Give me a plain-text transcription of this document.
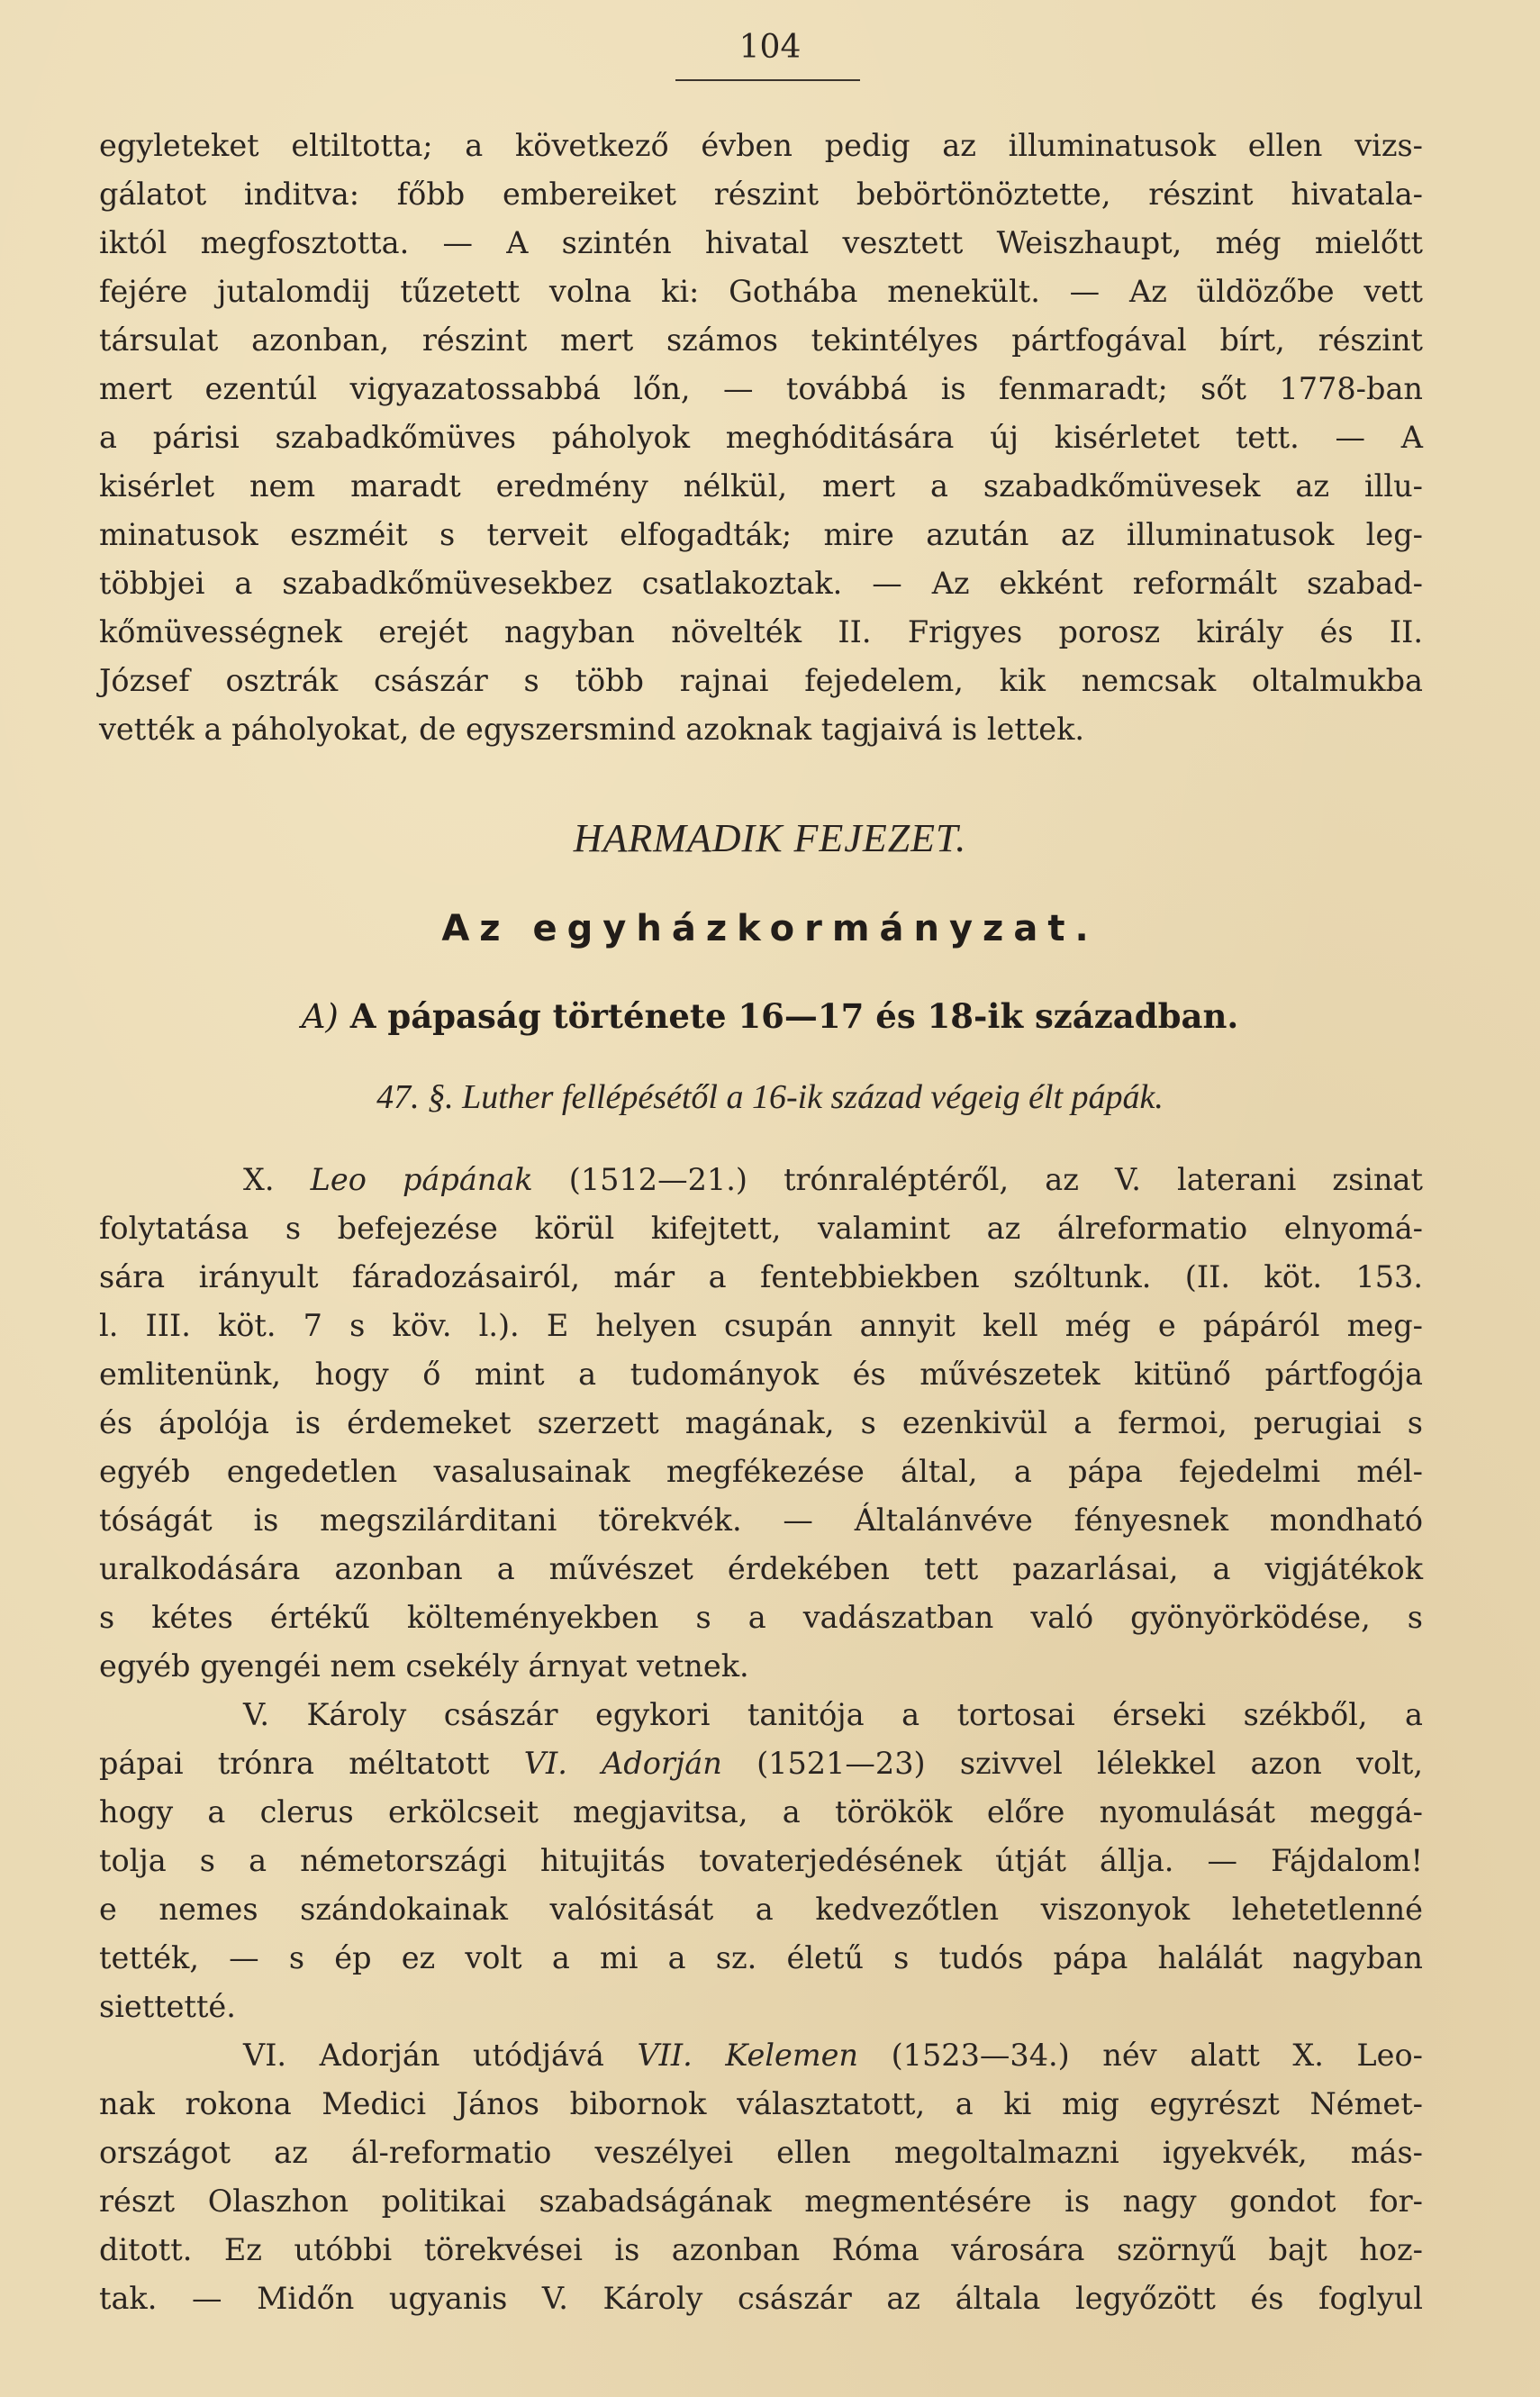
104
egyleteket eltiltotta; a következő évben pedig az illuminatusok ellen vizs-
gálatot inditva: főbb embereiket részint bebörtönöztette, részint hivatala-
iktól megfosztotta. — A szintén hivatal vesztett Weiszhaupt, még mielőtt
fejére jutalomdij tűzetett volna ki: Gothába menekült. — Az üldözőbe vett
társulat azonban, részint mert számos tekintélyes pártfogával bírt, részint
mert ezentúl vigyazatossabbá lőn, — továbbá is fenmaradt; sőt 1778-ban
a párisi szabadkőmüves páholyok meghóditására új kisérletet tett. — A
kisérlet nem maradt eredmény nélkül, mert a szabadkőmüvesek az illu-
minatusok eszméit s terveit elfogadták; mire azután az illuminatusok leg-
többjei a szabadkőmüvesekbez csatlakoztak. — Az ekként reformált szabad-
kőmüvességnek erejét nagyban növelték II. Frigyes porosz király és II.
József osztrák császár s több rajnai fejedelem, kik nemcsak oltalmukba
vették a páholyokat, de egyszersmind azoknak tagjaivá is lettek.
HARMADIK FEJEZET.
Az egyházkormányzat.
A) A pápaság története 16—17 és 18-ik században.
47. §. Luther fellépésétől a 16-ik század végeig élt pápák.
X. Leo pápának (1512—21.) trónraléptéről, az V. laterani zsinat
folytatása s befejezése körül kifejtett, valamint az álreformatio elnyomá-
sára irányult fáradozásairól, már a fentebbiekben szóltunk. (II. köt. 153.
l. III. köt. 7 s köv. l.). E helyen csupán annyit kell még e pápáról meg-
emlitenünk, hogy ő mint a tudományok és művészetek kitünő pártfogója
és ápolója is érdemeket szerzett magának, s ezenkivül a fermoi, perugiai s
egyéb engedetlen vasalusainak megfékezése által, a pápa fejedelmi mél-
tóságát is megszilárditani törekvék. — Általánvéve fényesnek mondható
uralkodására azonban a művészet érdekében tett pazarlásai, a vigjátékok
s kétes értékű költeményekben s a vadászatban való gyönyörködése, s
egyéb gyengéi nem csekély árnyat vetnek.
V. Károly császár egykori tanitója a tortosai érseki székből, a
pápai trónra méltatott VI. Adorján (1521—23) szivvel lélekkel azon volt,
hogy a clerus erkölcseit megjavitsa, a törökök előre nyomulását meggá-
tolja s a németországi hitujitás tovaterjedésének útját állja. — Fájdalom!
e nemes szándokainak valósitását a kedvezőtlen viszonyok lehetetlenné
tették, — s ép ez volt a mi a sz. életű s tudós pápa halálát nagyban
siettetté.
VI. Adorján utódjává VII. Kelemen (1523—34.) név alatt X. Leo-
nak rokona Medici János bibornok választatott, a ki mig egyrészt Német-
országot az ál-reformatio veszélyei ellen megoltalmazni igyekvék, más-
részt Olaszhon politikai szabadságának megmentésére is nagy gondot for-
ditott. Ez utóbbi törekvései is azonban Róma városára szörnyű bajt hoz-
tak. — Midőn ugyanis V. Károly császár az általa legyőzött és foglyul
